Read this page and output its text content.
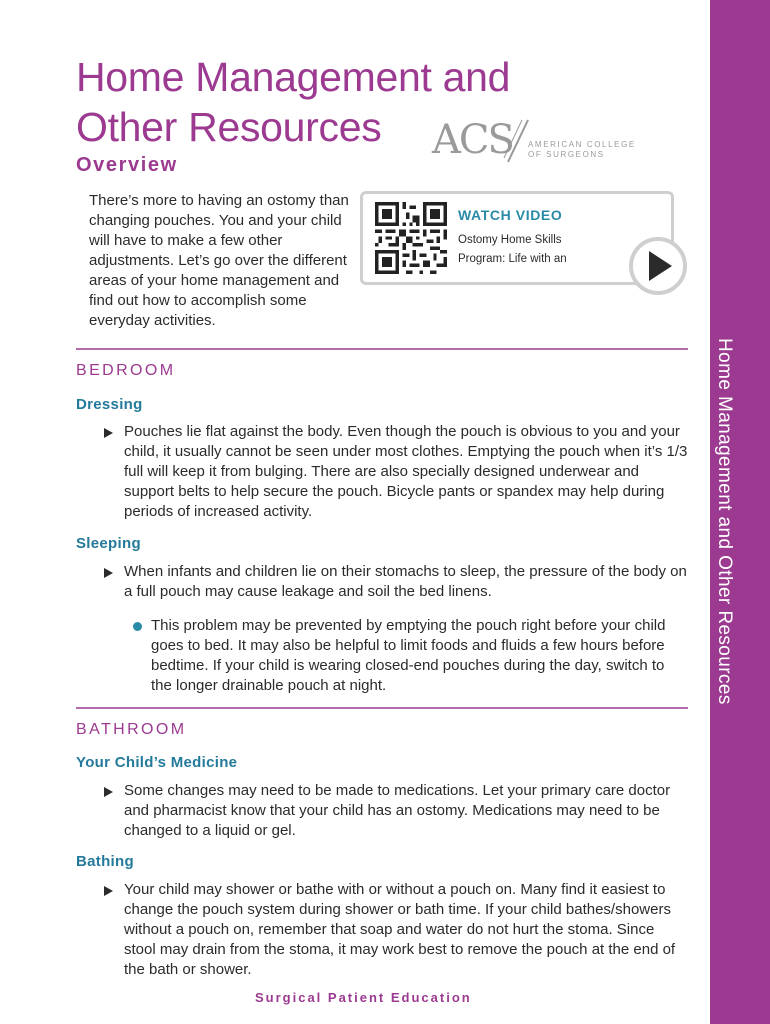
Home Management and Other Resources
Home Management and
Other Resources	ACS AMERICAN COLLEGE OF SURGEONS
Overview

There’s more to having an ostomy than changing pouches. You and your child will have to make a few other adjustments. Let’s go over the different areas of your home management and find out how to accomplish some everyday activities.

WATCH VIDEO
Ostomy Home Skills
Program: Life with an
BEDROOM
Dressing
Pouches lie flat against the body. Even though the pouch is obvious to you and your child, it usually cannot be seen under most clothes. Emptying the pouch when it’s 1/3 full will keep it from bulging. There are also specially designed underwear and support belts to help secure the pouch. Bicycle pants or spandex may help during periods of increased activity.
Sleeping
When infants and children lie on their stomachs to sleep, the pressure of the body on a full pouch may cause leakage and soil the bed linens.
This problem may be prevented by emptying the pouch right before your child goes to bed. It may also be helpful to limit foods and fluids a few hours before bedtime. If your child is wearing closed-end pouches during the day, switch to the longer drainable pouch at night.
BATHROOM
Your Child’s Medicine
Some changes may need to be made to medications. Let your primary care doctor and pharmacist know that your child has an ostomy. Medications may need to be changed to a liquid or gel.
Bathing
Your child may shower or bathe with or without a pouch on. Many find it easiest to change the pouch system during shower or bath time. If your child bathes/showers without a pouch on, remember that soap and water do not hurt the stoma. Since stool may drain from the stoma, it may work best to remove the pouch at the end of the bath or shower.
Surgical Patient Education
